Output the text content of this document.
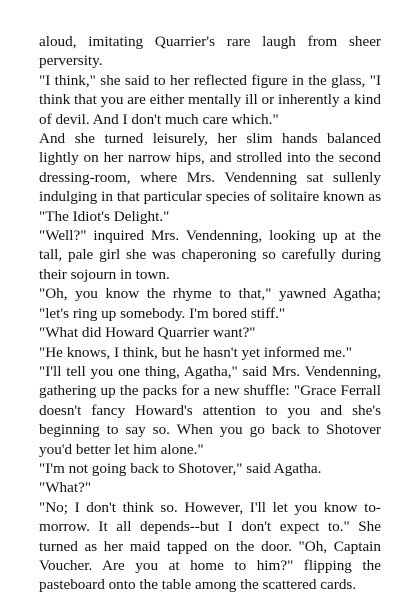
aloud, imitating Quarrier's rare laugh from sheer perversity.

"I think," she said to her reflected figure in the glass, "I think that you are either mentally ill or inherently a kind of devil. And I don't much care which."

And she turned leisurely, her slim hands balanced lightly on her narrow hips, and strolled into the second dressing-room, where Mrs. Vendenning sat sullenly indulging in that particular species of solitaire known as "The Idiot's Delight."

"Well?" inquired Mrs. Vendenning, looking up at the tall, pale girl she was chaperoning so carefully during their sojourn in town.

"Oh, you know the rhyme to that," yawned Agatha; "let's ring up somebody. I'm bored stiff."

"What did Howard Quarrier want?"

"He knows, I think, but he hasn't yet informed me."

"I'll tell you one thing, Agatha," said Mrs. Vendenning, gathering up the packs for a new shuffle: "Grace Ferrall doesn't fancy Howard's attention to you and she's beginning to say so. When you go back to Shotover you'd better let him alone."

"I'm not going back to Shotover," said Agatha.

"What?"

"No; I don't think so. However, I'll let you know to-morrow. It all depends--but I don't expect to." She turned as her maid tapped on the door. "Oh, Captain Voucher. Are you at home to him?" flipping the pasteboard onto the table among the scattered cards.
